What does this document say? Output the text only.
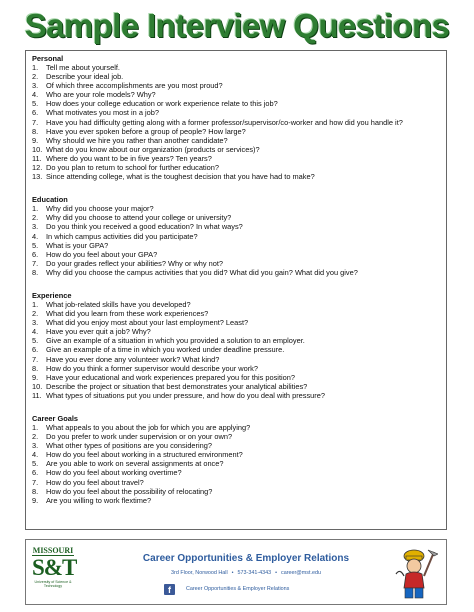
Sample Interview Questions
Personal
1.	Tell me about yourself.
2.	Describe your ideal job.
3.	Of which three accomplishments are you most proud?
4.	Who are your role models? Why?
5.	How does your college education or work experience relate to this job?
6.	What motivates you most in a job?
7.	Have you had difficulty getting along with a former professor/supervisor/co-worker and how did you handle it?
8.	Have you ever spoken before a group of people? How large?
9.	Why should we hire you rather than another candidate?
10. What do you know about our organization (products or services)?
11. Where do you want to be in five years? Ten years?
12. Do you plan to return to school for further education?
13. Since attending college, what is the toughest decision that you have had to make?
Education
1.	Why did you choose your major?
2.	Why did you choose to attend your college or university?
3.	Do you think you received a good education? In what ways?
4.	In which campus activities did you participate?
5.	What is your GPA?
6.	How do you feel about your GPA?
7.	Do your grades reflect your abilities? Why or why not?
8.	Why did you choose the campus activities that you did? What did you gain? What did you give?
Experience
1.	What job-related skills have you developed?
2.	What did you learn from these work experiences?
3.	What did you enjoy most about your last employment? Least?
4.	Have you ever quit a job? Why?
5.	Give an example of a situation in which you provided a solution to an employer.
6.	Give an example of a time in which you worked under deadline pressure.
7.	Have you ever done any volunteer work? What kind?
8.	How do you think a former supervisor would describe your work?
9.	Have your educational and work experiences prepared you for this position?
10. Describe the project or situation that best demonstrates your analytical abilities?
11. What types of situations put you under pressure, and how do you deal with pressure?
Career Goals
1.	What appeals to you about the job for which you are applying?
2.	Do you prefer to work under supervision or on your own?
3.	What other types of positions are you considering?
4.	How do you feel about working in a structured environment?
5.	Are you able to work on several assignments at once?
6.	How do you feel about working overtime?
7.	How do you feel about travel?
8.	How do you feel about the possibility of relocating?
9.	Are you willing to work flextime?
MISSOURI
S&T
University of Science & Technology
Career Opportunities & Employer Relations
3rd Floor, Norwood Hall • 573-341-4343 • career@mst.edu
f	Career Opportunities & Employer Relations
